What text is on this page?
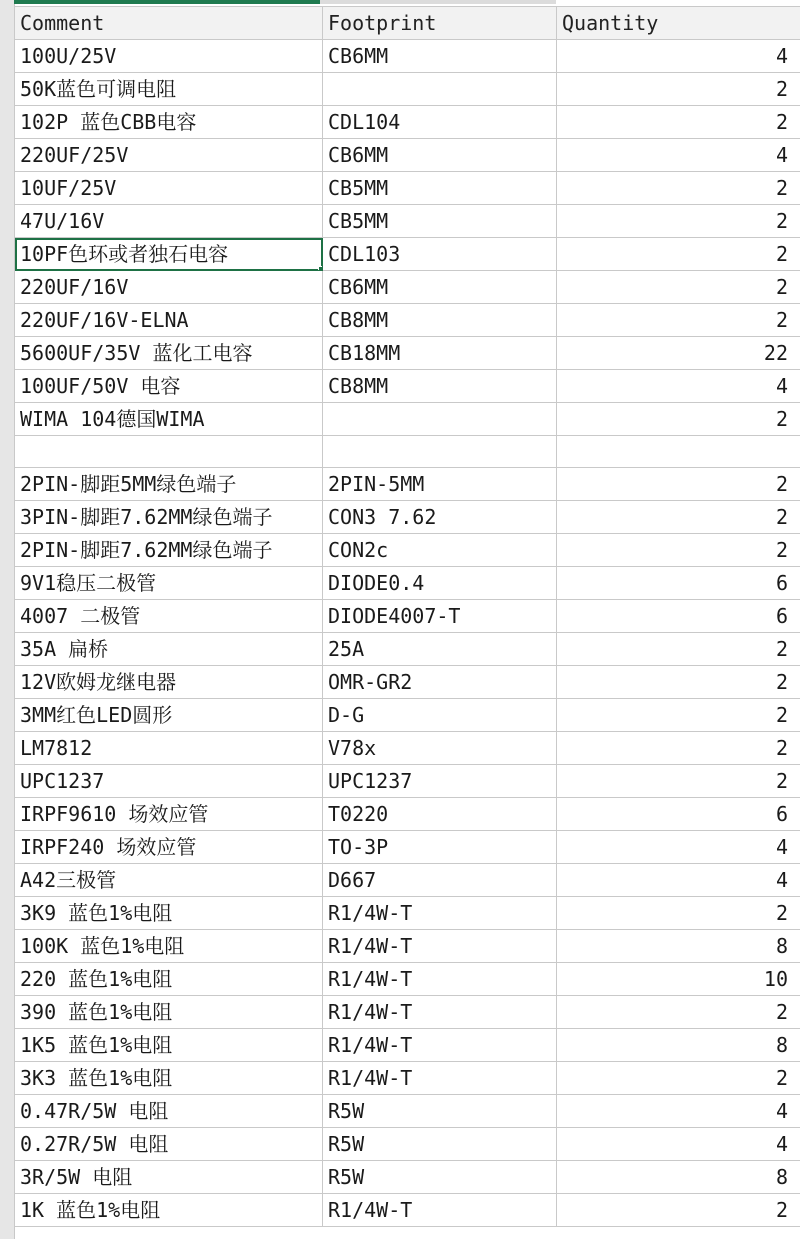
Comment	Footprint	Quantity
100U/25V	CB6MM	4
50K蓝色可调电阻		2
102P 蓝色CBB电容	CDL104	2
220UF/25V	CB6MM	4
10UF/25V	CB5MM	2
47U/16V	CB5MM	2
10PF色环或者独石电容	CDL103	2
220UF/16V	CB6MM	2
220UF/16V-ELNA	CB8MM	2
5600UF/35V 蓝化工电容	CB18MM	22
100UF/50V 电容	CB8MM	4
WIMA 104德国WIMA		2

2PIN-脚距5MM绿色端子	2PIN-5MM	2
3PIN-脚距7.62MM绿色端子	CON3 7.62	2
2PIN-脚距7.62MM绿色端子	CON2c	2
9V1稳压二极管	DIODE0.4	6
4007 二极管	DIODE4007-T	6
35A 扁桥	25A	2
12V欧姆龙继电器	OMR-GR2	2
3MM红色LED圆形	D-G	2
LM7812	V78x	2
UPC1237	UPC1237	2
IRPF9610 场效应管	T0220	6
IRPF240 场效应管	TO-3P	4
A42三极管	D667	4
3K9 蓝色1%电阻	R1/4W-T	2
100K 蓝色1%电阻	R1/4W-T	8
220 蓝色1%电阻	R1/4W-T	10
390 蓝色1%电阻	R1/4W-T	2
1K5 蓝色1%电阻	R1/4W-T	8
3K3 蓝色1%电阻	R1/4W-T	2
0.47R/5W 电阻	R5W	4
0.27R/5W 电阻	R5W	4
3R/5W 电阻	R5W	8
1K 蓝色1%电阻	R1/4W-T	2
